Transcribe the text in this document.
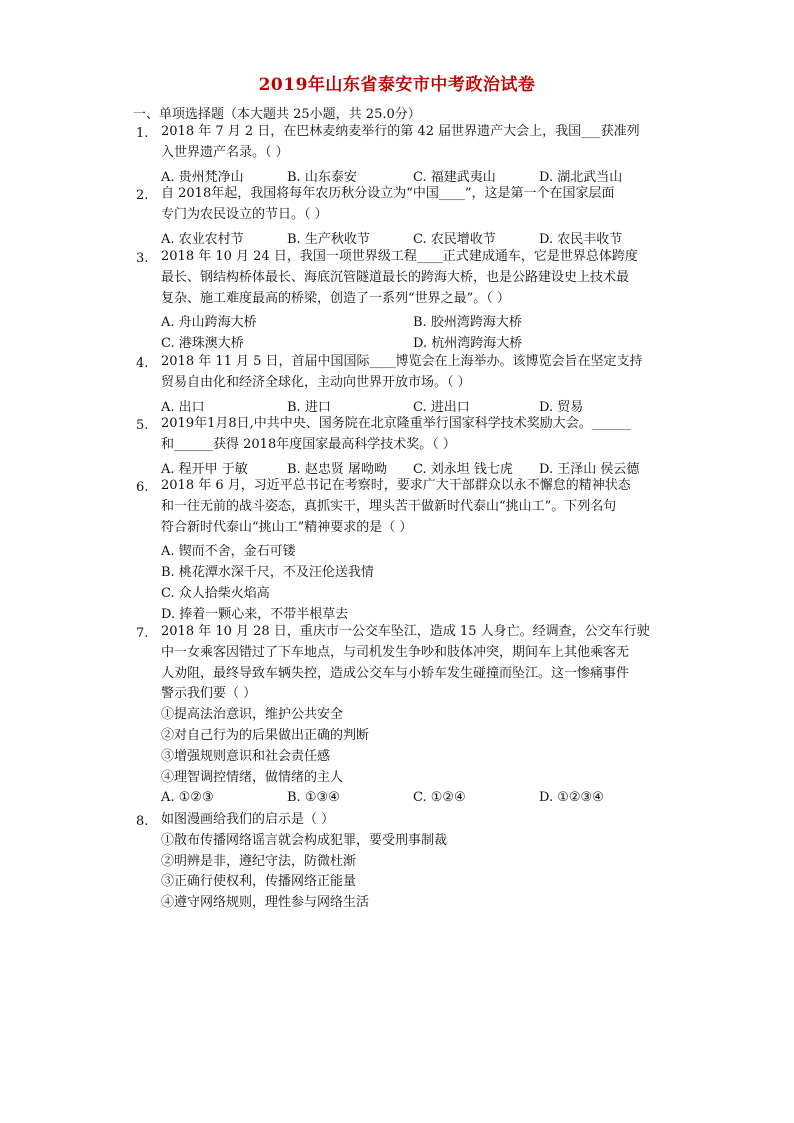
2019年山东省泰安市中考政治试卷
一、单项选择题（本大题共 25小题，共 25.0分）
1. 2018 年 7 月 2 日，在巴林麦纳麦举行的第 42 届世界遗产大会上，我国___获准列
入世界遗产名录。（ ）
A. 贵州梵净山	B. 山东泰安	C. 福建武夷山	D. 湖北武当山
2. 自 2018年起，我国将每年农历秋分设立为“中国____”，这是第一个在国家层面
专门为农民设立的节日。（ ）
A. 农业农村节	B. 生产秋收节	C. 农民增收节	D. 农民丰收节
3. 2018 年 10 月 24 日，我国一项世界级工程____正式建成通车，它是世界总体跨度
最长、钢结构桥体最长、海底沉管隧道最长的跨海大桥，也是公路建设史上技术最
复杂、施工难度最高的桥梁，创造了一系列“世界之最”。（ ）
A. 舟山跨海大桥	B. 胶州湾跨海大桥
C. 港珠澳大桥	D. 杭州湾跨海大桥
4. 2018 年 11 月 5 日，首届中国国际____博览会在上海举办。该博览会旨在坚定支持
贸易自由化和经济全球化，主动向世界开放市场。（ ）
A. 出口	B. 进口	C. 进出口	D. 贸易
5. 2019年1月8日,中共中央、国务院在北京隆重举行国家科学技术奖励大会。______
和______获得 2018年度国家最高科学技术奖。（ ）
A. 程开甲 于敏	B. 赵忠贤 屠呦呦 C. 刘永坦 钱七虎 D. 王泽山 侯云德
6. 2018 年 6 月，习近平总书记在考察时，要求广大干部群众以永不懈怠的精神状态
和一往无前的战斗姿态，真抓实干，埋头苦干做新时代泰山“挑山工”。下列名句
符合新时代泰山“挑山工”精神要求的是（ ）
A. 锲而不舍，金石可镂
B. 桃花潭水深千尺，不及汪伦送我情
C. 众人拾柴火焰高
D. 捧着一颗心来，不带半根草去
7. 2018 年 10 月 28 日，重庆市一公交车坠江，造成 15 人身亡。经调查，公交车行驶
中一女乘客因错过了下车地点，与司机发生争吵和肢体冲突，期间车上其他乘客无
人劝阻，最终导致车辆失控，造成公交车与小轿车发生碰撞而坠江。这一惨痛事件
警示我们要（ ）
①提高法治意识，维护公共安全
②对自己行为的后果做出正确的判断
③增强规则意识和社会责任感
④理智调控情绪，做情绪的主人
A. ①②③	B. ①③④	C. ①②④	D. ①②③④
8. 如图漫画给我们的启示是（ ）
①散布传播网络谣言就会构成犯罪，要受刑事制裁
②明辨是非，遵纪守法，防微杜渐
③正确行使权利，传播网络正能量
④遵守网络规则，理性参与网络生活
